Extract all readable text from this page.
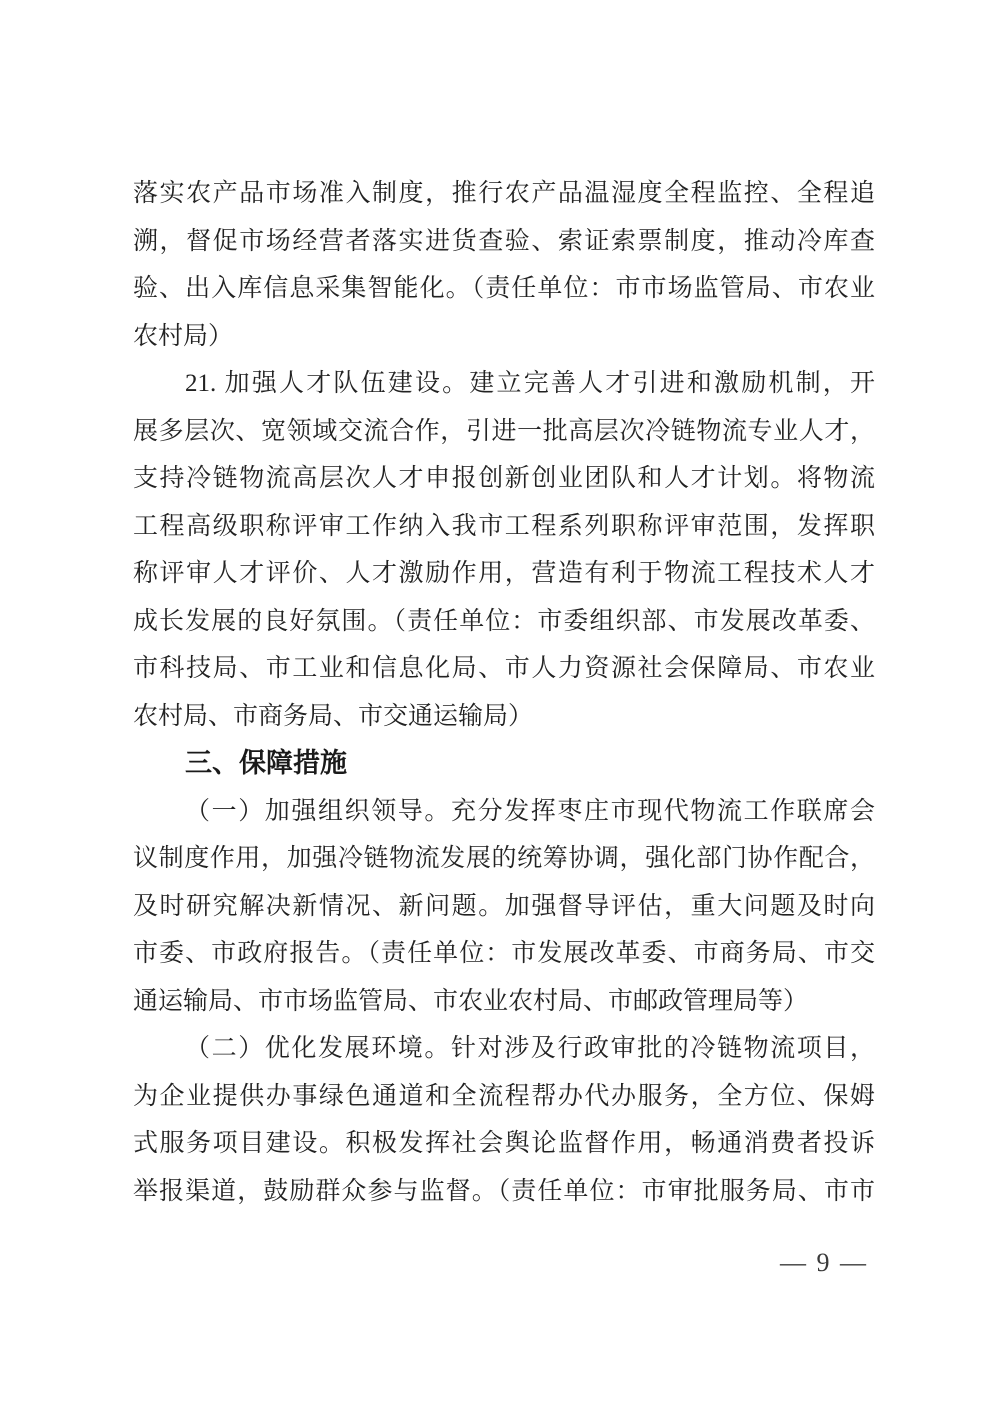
落实农产品市场准入制度，推行农产品温湿度全程监控、全程追
溯，督促市场经营者落实进货查验、索证索票制度，推动冷库查
验、出入库信息采集智能化。（责任单位：市市场监管局、市农业
农村局）
21. 加强人才队伍建设。建立完善人才引进和激励机制，开
展多层次、宽领域交流合作，引进一批高层次冷链物流专业人才，
支持冷链物流高层次人才申报创新创业团队和人才计划。将物流
工程高级职称评审工作纳入我市工程系列职称评审范围，发挥职
称评审人才评价、人才激励作用，营造有利于物流工程技术人才
成长发展的良好氛围。（责任单位：市委组织部、市发展改革委、
市科技局、市工业和信息化局、市人力资源社会保障局、市农业
农村局、市商务局、市交通运输局）
三、保障措施
（一）加强组织领导。充分发挥枣庄市现代物流工作联席会
议制度作用，加强冷链物流发展的统筹协调，强化部门协作配合，
及时研究解决新情况、新问题。加强督导评估，重大问题及时向
市委、市政府报告。（责任单位：市发展改革委、市商务局、市交
通运输局、市市场监管局、市农业农村局、市邮政管理局等）
（二）优化发展环境。针对涉及行政审批的冷链物流项目，
为企业提供办事绿色通道和全流程帮办代办服务，全方位、保姆
式服务项目建设。积极发挥社会舆论监督作用，畅通消费者投诉
举报渠道，鼓励群众参与监督。（责任单位：市审批服务局、市市
— 9 —
